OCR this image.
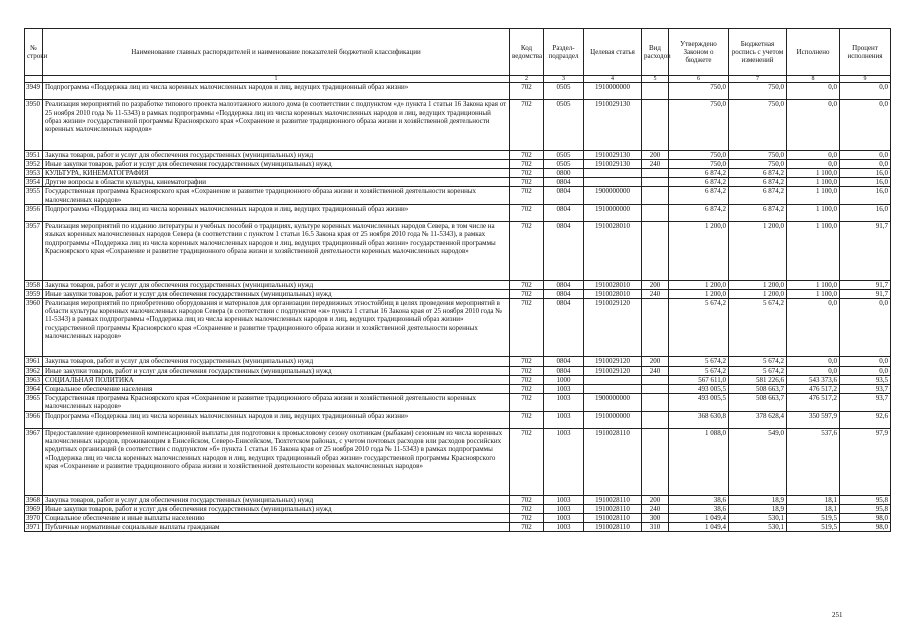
№ строки	Наименование главных распорядителей и наименование показателей бюджетной классификации	Код ведомства	Раздел-подраздел	Целевая статья	Вид расходов	Утверждено Законом о бюджете	Бюджетная роспись с учетом изменений	Исполнено	Процент исполнения
	1	2	3	4	5	6	7	8	9
3949	Подпрограмма «Поддержка лиц из числа коренных малочисленных народов и лиц, ведущих традиционный образ жизни»	702	0505	1910000000		750,0	750,0	0,0	0,0
3950	Реализация мероприятий по разработке типового проекта малоэтажного жилого дома (в соответствии с подпунктом «д» пункта 1 статьи 16 Закона края от 25 ноября 2010 года № 11-5343) в рамках подпрограммы «Поддержка лиц из числа коренных малочисленных народов и лиц, ведущих традиционный образ жизни» государственной программы Красноярского края «Сохранение и развитие традиционного образа жизни и хозяйственной деятельности коренных малочисленных народов»	702	0505	1910029130		750,0	750,0	0,0	0,0
3951	Закупка товаров, работ и услуг для обеспечения государственных (муниципальных) нужд	702	0505	1910029130	200	750,0	750,0	0,0	0,0
3952	Иные закупки товаров, работ и услуг для обеспечения государственных (муниципальных) нужд	702	0505	1910029130	240	750,0	750,0	0,0	0,0
3953	КУЛЬТУРА, КИНЕМАТОГРАФИЯ	702	0800			6 874,2	6 874,2	1 100,0	16,0
3954	Другие вопросы в области культуры, кинематографии	702	0804			6 874,2	6 874,2	1 100,0	16,0
3955	Государственная программа Красноярского края «Сохранение и развитие традиционного образа жизни и хозяйственной деятельности коренных малочисленных народов»	702	0804	1900000000		6 874,2	6 874,2	1 100,0	16,0
3956	Подпрограмма «Поддержка лиц из числа коренных малочисленных народов и лиц, ведущих традиционный образ жизни»	702	0804	1910000000		6 874,2	6 874,2	1 100,0	16,0
3957	Реализация мероприятий по изданию литературы и учебных пособий о традициях, культуре коренных малочисленных народов Севера, в том числе на языках коренных малочисленных народов Севера (в соответствии с пунктом 1 статьи 16.5 Закона края от 25 ноября 2010 года № 11-5343), в рамках подпрограммы «Поддержка лиц из числа коренных малочисленных народов и лиц, ведущих традиционный образ жизни» государственной программы Красноярского края «Сохранение и развитие традиционного образа жизни и хозяйственной деятельности коренных малочисленных народов»	702	0804	1910028010		1 200,0	1 200,0	1 100,0	91,7
3958	Закупка товаров, работ и услуг для обеспечения государственных (муниципальных) нужд	702	0804	1910028010	200	1 200,0	1 200,0	1 100,0	91,7
3959	Иные закупки товаров, работ и услуг для обеспечения государственных (муниципальных) нужд	702	0804	1910028010	240	1 200,0	1 200,0	1 100,0	91,7
3960	Реализация мероприятий по приобретению оборудования и материалов для организации передвижных этностойбищ в целях проведения мероприятий в области культуры коренных малочисленных народов Севера (в соответствии с подпунктом «ж» пункта 1 статьи 16 Закона края от 25 ноября 2010 года № 11-5343) в рамках подпрограммы «Поддержка лиц из числа коренных малочисленных народов и лиц, ведущих традиционный образ жизни» государственной программы Красноярского края «Сохранение и развитие традиционного образа жизни и хозяйственной деятельности коренных малочисленных народов»	702	0804	1910029120		5 674,2	5 674,2	0,0	0,0
3961	Закупка товаров, работ и услуг для обеспечения государственных (муниципальных) нужд	702	0804	1910029120	200	5 674,2	5 674,2	0,0	0,0
3962	Иные закупки товаров, работ и услуг для обеспечения государственных (муниципальных) нужд	702	0804	1910029120	240	5 674,2	5 674,2	0,0	0,0
3963	СОЦИАЛЬНАЯ ПОЛИТИКА	702	1000			567 611,0	581 226,6	543 373,6	93,5
3964	Социальное обеспечение населения	702	1003			493 005,5	508 663,7	476 517,2	93,7
3965	Государственная программа Красноярского края «Сохранение и развитие традиционного образа жизни и хозяйственной деятельности коренных малочисленных народов»	702	1003	1900000000		493 005,5	508 663,7	476 517,2	93,7
3966	Подпрограмма «Поддержка лиц из числа коренных малочисленных народов и лиц, ведущих традиционный образ жизни»	702	1003	1910000000		368 630,8	378 628,4	350 597,9	92,6
3967	Предоставление единовременной компенсационной выплаты для подготовки к промысловому сезону охотникам (рыбакам) сезонным из числа коренных малочисленных народов, проживающим в Енисейском, Северо-Енисейском, Тюхтетском районах, с учетом почтовых расходов или расходов российских кредитных организаций (в соответствии с подпунктом «б» пункта 1 статьи 16 Закона края от 25 ноября 2010 года № 11-5343) в рамках подпрограммы «Поддержка лиц из числа коренных малочисленных народов и лиц, ведущих традиционный образ жизни» государственной программы Красноярского края «Сохранение и развитие традиционного образа жизни и хозяйственной деятельности коренных малочисленных народов»	702	1003	1910028110		1 088,0	549,0	537,6	97,9
3968	Закупка товаров, работ и услуг для обеспечения государственных (муниципальных) нужд	702	1003	1910028110	200	38,6	18,9	18,1	95,8
3969	Иные закупки товаров, работ и услуг для обеспечения государственных (муниципальных) нужд	702	1003	1910028110	240	38,6	18,9	18,1	95,8
3970	Социальное обеспечение и иные выплаты населению	702	1003	1910028110	300	1 049,4	530,1	519,5	98,0
3971	Публичные нормативные социальные выплаты гражданам	702	1003	1910028110	310	1 049,4	530,1	519,5	98,0
251
